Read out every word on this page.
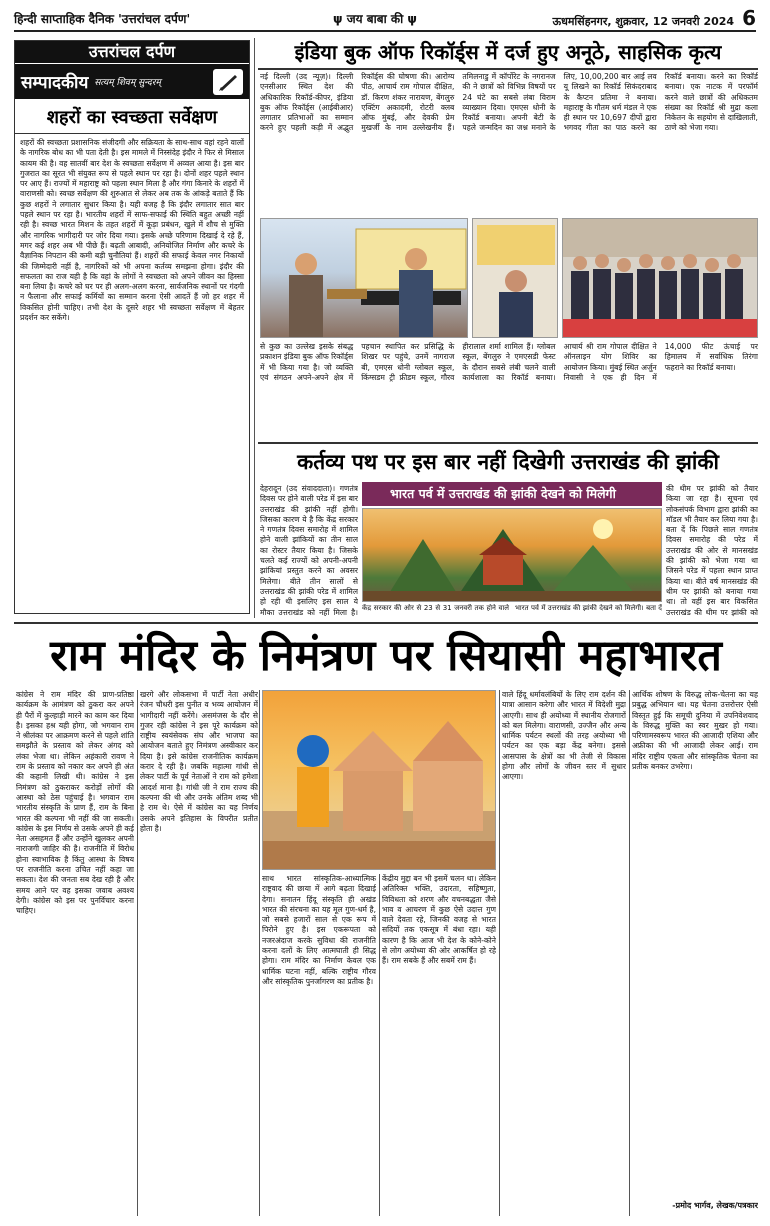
हिन्दी साप्ताहिक दैनिक 'उत्तरांचल दर्पण'	ψ जय बाबा की ψ	ऊधमसिंहनगर, शुक्रवार, 12 जनवरी 2024 6
उत्तरांचल दर्पण
सम्पादकीय सत्यम् शिवम् सुन्दरम्
शहरों का स्वच्छता सर्वेक्षण
शहरों की स्वच्छता प्रशासनिक संजीदगी और सक्रियता के साथ-साथ वहां रहने वालों के नागरिक बोध का भी पता देती है। इस मामले में निस्संदेह इंदौर ने फिर से मिसाल कायम की है। वह सातवीं बार देश के स्वच्छता सर्वेक्षण में अव्वल आया है। इस बार गुजरात का सूरत भी संयुक्त रूप से पहले स्थान पर रहा है। दोनों शहर पहले स्थान पर आए हैं। राज्यों में महाराष्ट्र को पहला स्थान मिला है और गंगा किनारे के शहरों में वाराणसी को। स्वच्छ सर्वेक्षण की शुरुआत से लेकर अब तक के आंकड़े बताते हैं कि कुछ शहरों ने लगातार सुधार किया है। यही वजह है कि इंदौर लगातार सात बार पहले स्थान पर रहा है। भारतीय शहरों में साफ-सफाई की स्थिति बहुत अच्छी नहीं रही है। स्वच्छ भारत मिशन के तहत शहरों में कूड़ा प्रबंधन, खुले में शौच से मुक्ति और नागरिक भागीदारी पर जोर दिया गया। इसके अच्छे परिणाम दिखाई दे रहे हैं, मगर कई शहर अब भी पीछे हैं। बढ़ती आबादी, अनियोजित निर्माण और कचरे के वैज्ञानिक निपटान की कमी बड़ी चुनौतियां हैं। शहरों की सफाई केवल नगर निकायों की जिम्मेदारी नहीं है, नागरिकों को भी अपना कर्तव्य समझना होगा। इंदौर की सफलता का राज यही है कि वहां के लोगों ने स्वच्छता को अपने जीवन का हिस्सा बना लिया है। कचरे को घर पर ही अलग-अलग करना, सार्वजनिक स्थानों पर गंदगी न फैलाना और सफाई कर्मियों का सम्मान करना ऐसी आदतें हैं जो हर शहर में विकसित होनी चाहिए। तभी देश के दूसरे शहर भी स्वच्छता सर्वेक्षण में बेहतर प्रदर्शन कर सकेंगे।
इंडिया बुक ऑफ रिकॉर्ड्स में दर्ज हुए अनूठे, साहसिक कृत्य
नई दिल्ली (उद न्यूज़)। दिल्ली एनसीआर स्थित देश की अधिकारिक रिकॉर्ड-कीपर, इंडिया बुक ऑफ रिकॉर्ड्स (आईबीआर) लगातार प्रतिभाओं का सम्मान करने हुए पहली कड़ी में अद्भुत रिकॉर्ड्स की घोषणा की। आरोग्य पीठ, आचार्य राम गोपाल दीक्षित, डॉ. किरण शंकर नारायण, बेंगलुरु एक्टिंग अकादमी, रोटरी क्लब ऑफ मुंबई, और देवकी प्रेम मुखर्जी के नाम उल्लेखनीय हैं। तमिलनाडु में कॉर्पोरेट के नगरानज की ने छात्रों को विभिन्न विषयों पर 24 घंटे का सबसे लंबा विराम व्याख्यान दिया। एमएस धोनी के रिकॉर्ड बनाया। अपनी बेटी के पहले जन्मदिन का जश्न मनाने के लिए, 10,00,200 बार आई लव यू लिखने का रिकॉर्ड सिकंदराबाद के कैप्टन प्रतिमा ने बनाया। महाराष्ट्र के गौतम धर्म मंडल ने एक ही स्थान पर 10,697 दीपों द्वारा भगवद गीता का पाठ करने का रिकॉर्ड बनाया। करने का रिकॉर्ड बनाया। एक नाटक में परफॉर्म करने वाले छात्रों की अधिकतम संख्या का रिकॉर्ड श्री मुद्रा कला निकेतन के सहयोग से दाखिलाती, ठाणे को भेजा गया।
से कुछ का उल्लेख इसके संबद्ध प्रकाशन इंडिया बुक ऑफ रिकॉर्ड्स में भी किया गया है। जो व्यक्ति एवं संगठन अपने-अपने क्षेत्र में पहचान स्थापित कर प्रसिद्धि के शिखर पर पहुंचे, उनमें नागराज बी, एमएस धोनी ग्लोबल स्कूल, किंग्सडम ट्री फ्रीडम स्कूल, गौरव हीरालाल शर्मा शामिल हैं। ग्लोबल स्कूल, बेंगलुरु ने एमएसडी फेस्ट के दौरान सबसे लंबी चलने वाली कार्यशाला का रिकॉर्ड बनाया। आचार्य श्री राम गोपाल दीक्षित ने ऑनलाइन योग शिविर का आयोजन किया। मुंबई स्थित अर्जुन निवासी ने एक ही दिन में 14,000 फीट ऊंचाई पर हिमालय में सर्वाधिक तिरंगा फहराने का रिकॉर्ड बनाया।
कर्तव्य पथ पर इस बार नहीं दिखेगी उत्तराखंड की झांकी
देहरादून (उद संवाददाता)। गणतंत्र दिवस पर होने वाली परेड में इस बार उत्तराखंड की झांकी नहीं होगी। जिसका कारण ये है कि केंद्र सरकार ने गणतंत्र दिवस समारोह में शामिल होने वाली झांकियों का तीन साल का रोस्टर तैयार किया है। जिसके चलते कई राज्यों को अपनी-अपनी झांकियां प्रस्तुत करने का अवसर मिलेगा। बीते तीन सालों से उत्तराखंड की झांकी परेड में शामिल हो रही थी इसलिए इस साल ये मौका उत्तराखंड को नहीं मिला है।
भारत पर्व में उत्तराखंड की झांकी देखने को मिलेगी
केंद्र सरकार की ओर से 23 से 31 जनवरी तक होने वाले भारत पर्व में उत्तराखंड की झांकी देखने को मिलेगी। बता दें
की थीम पर झांकी को तैयार किया जा रहा है। सूचना एवं लोकसंपर्क विभाग द्वारा झांकी का मॉडल भी तैयार कर लिया गया है। बता दें कि पिछले साल गणतंत्र दिवस समारोह की परेड में उत्तराखंड की ओर से मानसखंड की झांकी को भेजा गया था जिसने परेड में पहला स्थान प्राप्त किया था। बीते वर्ष मानसखंड की थीम पर झांकी को बनाया गया था। तो वहीं इस बार विकसित उत्तराखंड की थीम पर झांकी को
राम मंदिर के निमंत्रण पर सियासी महाभारत
कांग्रेस ने राम मंदिर की प्राण-प्रतिष्ठा कार्यक्रम के आमंत्रण को ठुकरा कर अपने ही पैरों में कुल्हाड़ी मारने का काम कर दिया है। इसका हश्र यही होगा, जो भगवान राम ने श्रीलंका पर आक्रमण करने से पहले शांति समझौते के प्रस्ताव को लेकर अंगद को लंका भेजा था। लेकिन अहंकारी रावण ने राम के प्रस्ताव को नकार कर अपने ही अंत की कहानी लिखी थी। कांग्रेस ने इस निमंत्रण को ठुकराकर करोड़ों लोगों की आस्था को ठेस पहुंचाई है। भगवान राम भारतीय संस्कृति के प्राण हैं, राम के बिना भारत की कल्पना भी नहीं की जा सकती। कांग्रेस के इस निर्णय से उसके अपने ही कई नेता असहमत हैं और उन्होंने खुलकर अपनी नाराजगी जाहिर की है। राजनीति में विरोध होना स्वाभाविक है किंतु आस्था के विषय पर राजनीति करना उचित नहीं कहा जा सकता। देश की जनता सब देख रही है और समय आने पर वह इसका जवाब अवश्य देगी। कांग्रेस को इस पर पुनर्विचार करना चाहिए।
खरगे और लोकसभा में पार्टी नेता अधीर रंजन चौधरी इस पुनीत व भव्य आयोजन में भागीदारी नहीं करेंगे। असमंजस के दौर से गुजर रही कांग्रेस ने इस पूरे कार्यक्रम को राष्ट्रीय स्वयंसेवक संघ और भाजपा का आयोजन बताते हुए निमंत्रण अस्वीकार कर दिया है। इसे कांग्रेस राजनीतिक कार्यक्रम करार दे रही है। जबकि महात्मा गांधी से लेकर पार्टी के पूर्व नेताओं ने राम को हमेशा आदर्श माना है। गांधी जी ने राम राज्य की कल्पना की थी और उनके अंतिम शब्द भी हे राम थे। ऐसे में कांग्रेस का यह निर्णय उसके अपने इतिहास के विपरीत प्रतीत होता है।
साथ भारत सांस्कृतिक-आध्यात्मिक राष्ट्रवाद की छाया में आगे बढ़ता दिखाई देगा। सनातन हिंदू संस्कृति ही अखंड भारत की संरचना का यह मूल गुण-धर्म है, जो सबसे हजारों साल से एक रूप में पिरोने हुए है। इस एकरूपता को नजरअंदाज करके सुविधा की राजनीति करना दलों के लिए आत्मघाती ही सिद्ध होगा। राम मंदिर का निर्माण केवल एक धार्मिक घटना नहीं, बल्कि राष्ट्रीय गौरव और सांस्कृतिक पुनर्जागरण का प्रतीक है।
केंद्रीय मुद्दा बन भी इसमें चलन था। लेकिन अतिरिक्त भक्ति, उदारता, सहिष्णुता, विविधता को शरण और वचनबद्धता जैसे भाव व आचरण में कुछ ऐसे उदात्त गुण वाले देवता रहे, जिनकी वजह से भारत सदियों तक एकसूत्र में बंधा रहा। यही कारण है कि आज भी देश के कोने-कोने से लोग अयोध्या की ओर आकर्षित हो रहे हैं। राम सबके हैं और सबमें राम हैं।
वाले हिंदू धर्मावलंबियों के लिए राम दर्शन की यात्रा आसान करेगा और भारत में विदेशी मुद्रा आएगी। साथ ही अयोध्या में स्थानीय रोजगारों को बल मिलेगा। वाराणसी, उज्जैन और अन्य धार्मिक पर्यटन स्थलों की तरह अयोध्या भी पर्यटन का एक बड़ा केंद्र बनेगा। इससे आसपास के क्षेत्रों का भी तेजी से विकास होगा और लोगों के जीवन स्तर में सुधार आएगा।
आर्थिक शोषण के विरुद्ध लोक-चेतना का यह प्रबुद्ध अभियान था। यह चेतना उत्तरोत्तर ऐसी विस्तृत हुई कि समूची दुनिया में उपनिवेशवाद के विरुद्ध मुक्ति का स्वर मुखर हो गया। परिणामस्वरूप भारत की आजादी एशिया और अफ्रीका की भी आजादी लेकर आई। राम मंदिर राष्ट्रीय एकता और सांस्कृतिक चेतना का प्रतीक बनकर उभरेगा।
-प्रमोद भार्गव, लेखक/पत्रकार
